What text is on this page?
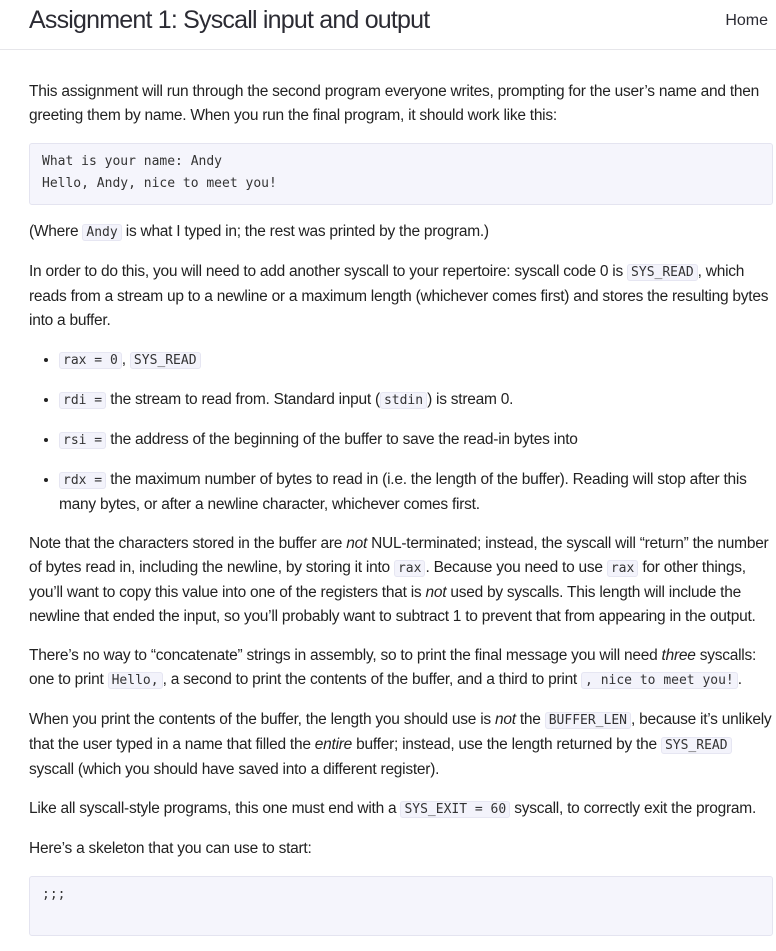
Assignment 1: Syscall input and output	Home

This assignment will run through the second program everyone writes, prompting for the user’s name and then greeting them by name. When you run the final program, it should work like this:

What is your name: Andy
Hello, Andy, nice to meet you!

(Where Andy is what I typed in; the rest was printed by the program.)

In order to do this, you will need to add another syscall to your repertoire: syscall code 0 is SYS_READ , which reads from a stream up to a newline or a maximum length (whichever comes first) and stores the resulting bytes into a buffer.

• rax = 0 , SYS_READ
• rdi = the stream to read from. Standard input ( stdin ) is stream 0.
• rsi = the address of the beginning of the buffer to save the read-in bytes into
• rdx = the maximum number of bytes to read in (i.e. the length of the buffer). Reading will stop after this many bytes, or after a newline character, whichever comes first.

Note that the characters stored in the buffer are not NUL-terminated; instead, the syscall will “return” the number of bytes read in, including the newline, by storing it into rax . Because you need to use rax for other things, you’ll want to copy this value into one of the registers that is not used by syscalls. This length will include the newline that ended the input, so you’ll probably want to subtract 1 to prevent that from appearing in the output.

There’s no way to “concatenate” strings in assembly, so to print the final message you will need three syscalls: one to print Hello, , a second to print the contents of the buffer, and a third to print , nice to meet you! .

When you print the contents of the buffer, the length you should use is not the BUFFER_LEN , because it’s unlikely that the user typed in a name that filled the entire buffer; instead, use the length returned by the SYS_READ syscall (which you should have saved into a different register).

Like all syscall-style programs, this one must end with a SYS_EXIT = 60 syscall, to correctly exit the program.

Here’s a skeleton that you can use to start:

;;;
